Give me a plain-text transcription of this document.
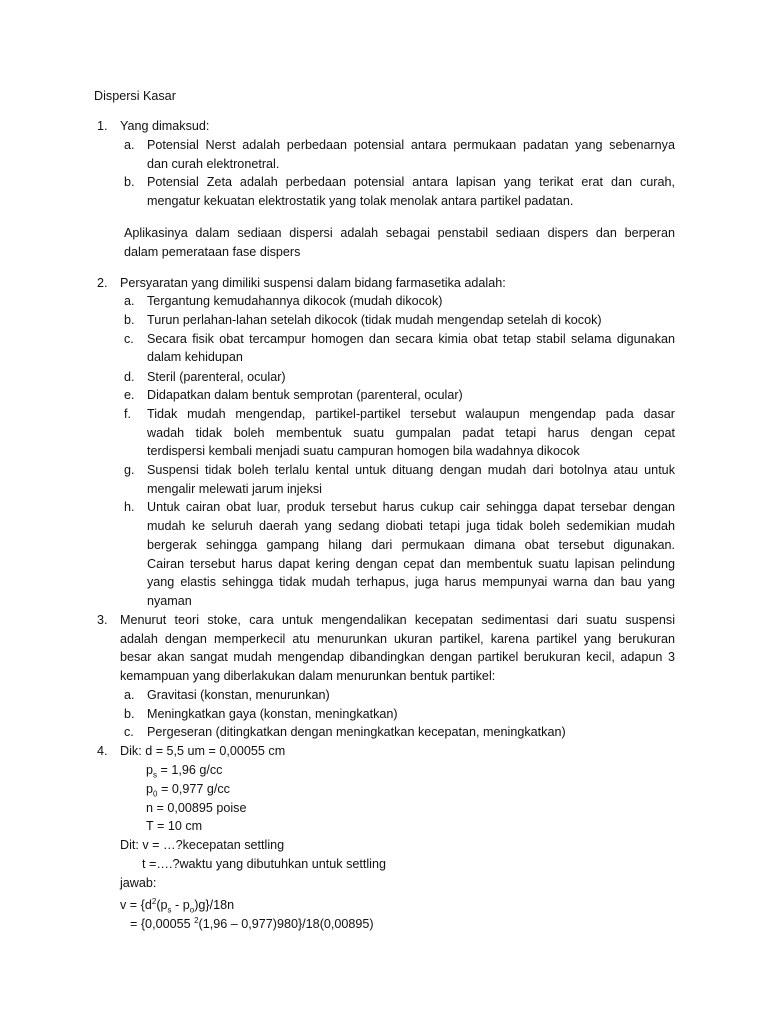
Dispersi Kasar
1. Yang dimaksud:
a. Potensial Nerst adalah perbedaan potensial antara permukaan padatan yang sebenarnya
dan curah elektronetral.
b. Potensial Zeta adalah perbedaan potensial antara lapisan yang terikat erat dan curah,
mengatur kekuatan elektrostatik yang tolak menolak antara partikel padatan.
Aplikasinya dalam sediaan dispersi adalah sebagai penstabil sediaan dispers dan berperan
dalam pemerataan fase dispers
2. Persyaratan yang dimiliki suspensi dalam bidang farmasetika adalah:
a. Tergantung kemudahannya dikocok (mudah dikocok)
b. Turun perlahan-lahan setelah dikocok (tidak mudah mengendap setelah di kocok)
c. Secara fisik obat tercampur homogen dan secara kimia obat tetap stabil selama digunakan
dalam kehidupan
d. Steril (parenteral, ocular)
e. Didapatkan dalam bentuk semprotan (parenteral, ocular)
f. Tidak mudah mengendap, partikel-partikel tersebut walaupun mengendap pada dasar
wadah tidak boleh membentuk suatu gumpalan padat tetapi harus dengan cepat
terdispersi kembali menjadi suatu campuran homogen bila wadahnya dikocok
g. Suspensi tidak boleh terlalu kental untuk dituang dengan mudah dari botolnya atau untuk
mengalir melewati jarum injeksi
h. Untuk cairan obat luar, produk tersebut harus cukup cair sehingga dapat tersebar dengan
mudah ke seluruh daerah yang sedang diobati tetapi juga tidak boleh sedemikian mudah
bergerak sehingga gampang hilang dari permukaan dimana obat tersebut digunakan.
Cairan tersebut harus dapat kering dengan cepat dan membentuk suatu lapisan pelindung
yang elastis sehingga tidak mudah terhapus, juga harus mempunyai warna dan bau yang
nyaman
3. Menurut teori stoke, cara untuk mengendalikan kecepatan sedimentasi dari suatu suspensi
adalah dengan memperkecil atu menurunkan ukuran partikel, karena partikel yang berukuran
besar akan sangat mudah mengendap dibandingkan dengan partikel berukuran kecil, adapun 3
kemampuan yang diberlakukan dalam menurunkan bentuk partikel:
a. Gravitasi (konstan, menurunkan)
b. Meningkatkan gaya (konstan, meningkatkan)
c. Pergeseran (ditingkatkan dengan meningkatkan kecepatan, meningkatkan)
4. Dik: d = 5,5 um = 0,00055 cm
$p_s = 1,96$ g/cc
$p_0 = 0,977$ g/cc
n = 0,00895 poise
T = 10 cm
Dit: v = …?kecepatan settling
t =….?waktu yang dibutuhkan untuk settling
jawab:
$v = \{d^2(p_s - p_o)g\}/18n$
= {0,00055 $^2$(1,96 – 0,977)980}/18(0,00895)
